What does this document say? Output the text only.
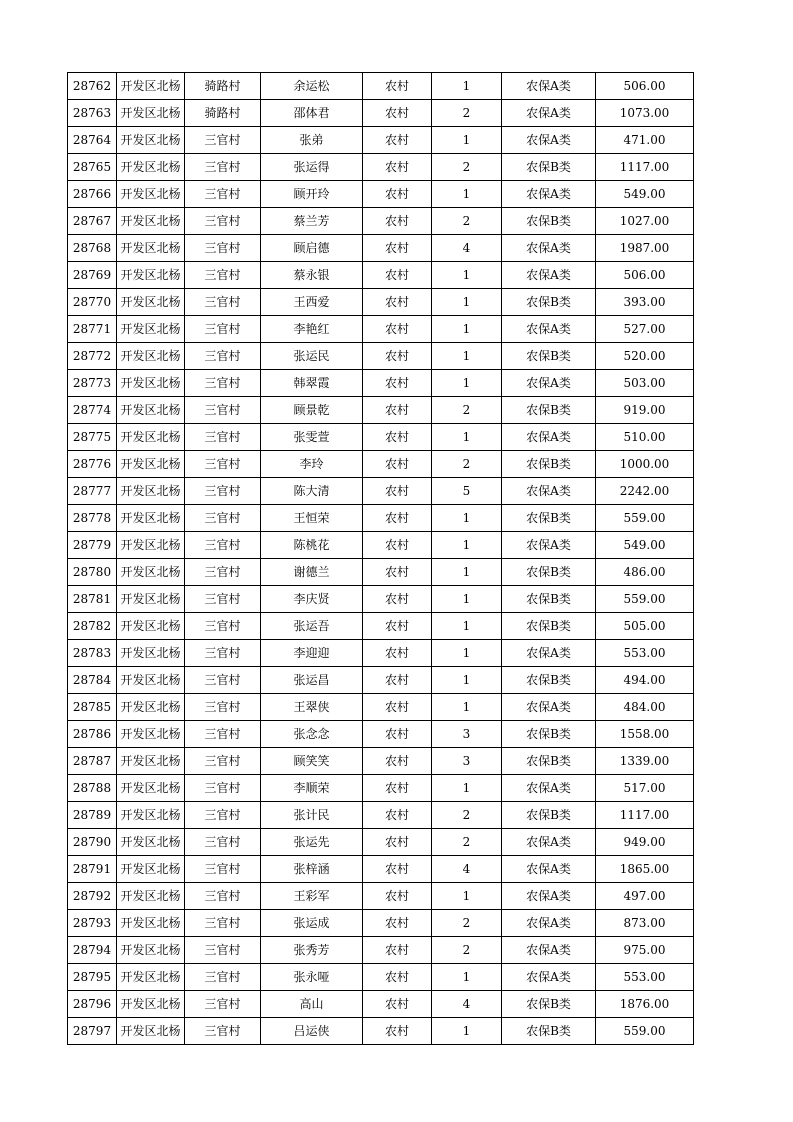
28762	开发区北杨	骑路村	余运松	农村	1	农保A类	506.00
28763	开发区北杨	骑路村	邵体君	农村	2	农保A类	1073.00
28764	开发区北杨	三官村	张弟	农村	1	农保A类	471.00
28765	开发区北杨	三官村	张运得	农村	2	农保B类	1117.00
28766	开发区北杨	三官村	顾开玲	农村	1	农保A类	549.00
28767	开发区北杨	三官村	蔡兰芳	农村	2	农保B类	1027.00
28768	开发区北杨	三官村	顾启德	农村	4	农保A类	1987.00
28769	开发区北杨	三官村	蔡永银	农村	1	农保A类	506.00
28770	开发区北杨	三官村	王西爱	农村	1	农保B类	393.00
28771	开发区北杨	三官村	李艳红	农村	1	农保A类	527.00
28772	开发区北杨	三官村	张运民	农村	1	农保B类	520.00
28773	开发区北杨	三官村	韩翠霞	农村	1	农保A类	503.00
28774	开发区北杨	三官村	顾景乾	农村	2	农保B类	919.00
28775	开发区北杨	三官村	张雯萱	农村	1	农保A类	510.00
28776	开发区北杨	三官村	李玲	农村	2	农保B类	1000.00
28777	开发区北杨	三官村	陈大清	农村	5	农保A类	2242.00
28778	开发区北杨	三官村	王恒荣	农村	1	农保B类	559.00
28779	开发区北杨	三官村	陈桃花	农村	1	农保A类	549.00
28780	开发区北杨	三官村	谢德兰	农村	1	农保B类	486.00
28781	开发区北杨	三官村	李庆贤	农村	1	农保B类	559.00
28782	开发区北杨	三官村	张运吾	农村	1	农保B类	505.00
28783	开发区北杨	三官村	李迎迎	农村	1	农保A类	553.00
28784	开发区北杨	三官村	张运昌	农村	1	农保B类	494.00
28785	开发区北杨	三官村	王翠侠	农村	1	农保A类	484.00
28786	开发区北杨	三官村	张念念	农村	3	农保B类	1558.00
28787	开发区北杨	三官村	顾笑笑	农村	3	农保B类	1339.00
28788	开发区北杨	三官村	李顺荣	农村	1	农保A类	517.00
28789	开发区北杨	三官村	张计民	农村	2	农保B类	1117.00
28790	开发区北杨	三官村	张运先	农村	2	农保A类	949.00
28791	开发区北杨	三官村	张梓涵	农村	4	农保A类	1865.00
28792	开发区北杨	三官村	王彩军	农村	1	农保A类	497.00
28793	开发区北杨	三官村	张运成	农村	2	农保A类	873.00
28794	开发区北杨	三官村	张秀芳	农村	2	农保A类	975.00
28795	开发区北杨	三官村	张永哑	农村	1	农保A类	553.00
28796	开发区北杨	三官村	高山	农村	4	农保B类	1876.00
28797	开发区北杨	三官村	吕运侠	农村	1	农保B类	559.00
